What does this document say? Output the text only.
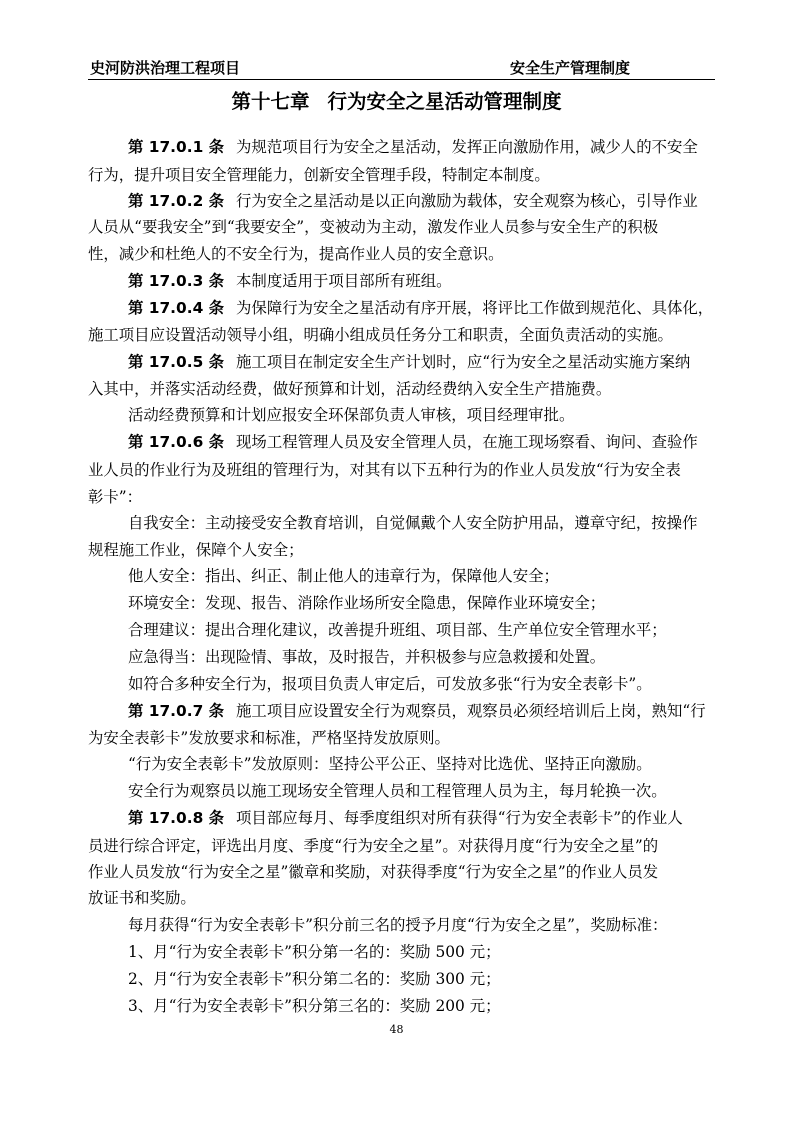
史河防洪治理工程项目	安全生产管理制度
第十七章 行为安全之星活动管理制度
第 17.0.1 条 为规范项目行为安全之星活动，发挥正向激励作用，减少人的不安全
行为，提升项目安全管理能力，创新安全管理手段，特制定本制度。
第 17.0.2 条 行为安全之星活动是以正向激励为载体，安全观察为核心，引导作业
人员从“要我安全”到“我要安全”，变被动为主动，激发作业人员参与安全生产的积极
性，减少和杜绝人的不安全行为，提高作业人员的安全意识。
第 17.0.3 条 本制度适用于项目部所有班组。
第 17.0.4 条 为保障行为安全之星活动有序开展，将评比工作做到规范化、具体化，
施工项目应设置活动领导小组，明确小组成员任务分工和职责，全面负责活动的实施。
第 17.0.5 条 施工项目在制定安全生产计划时，应“行为安全之星活动实施方案纳
入其中，并落实活动经费，做好预算和计划，活动经费纳入安全生产措施费。
活动经费预算和计划应报安全环保部负责人审核，项目经理审批。
第 17.0.6 条 现场工程管理人员及安全管理人员，在施工现场察看、询问、查验作
业人员的作业行为及班组的管理行为，对其有以下五种行为的作业人员发放“行为安全表
彰卡”：
自我安全：主动接受安全教育培训，自觉佩戴个人安全防护用品，遵章守纪，按操作
规程施工作业，保障个人安全；
他人安全：指出、纠正、制止他人的违章行为，保障他人安全；
环境安全：发现、报告、消除作业场所安全隐患，保障作业环境安全；
合理建议：提出合理化建议，改善提升班组、项目部、生产单位安全管理水平；
应急得当：出现险情、事故，及时报告，并积极参与应急救援和处置。
如符合多种安全行为，报项目负责人审定后，可发放多张“行为安全表彰卡”。
第 17.0.7 条 施工项目应设置安全行为观察员，观察员必须经培训后上岗，熟知“行
为安全表彰卡”发放要求和标准，严格坚持发放原则。
“行为安全表彰卡”发放原则：坚持公平公正、坚持对比选优、坚持正向激励。
安全行为观察员以施工现场安全管理人员和工程管理人员为主，每月轮换一次。
第 17.0.8 条 项目部应每月、每季度组织对所有获得“行为安全表彰卡”的作业人
员进行综合评定，评选出月度、季度“行为安全之星”。对获得月度“行为安全之星”的
作业人员发放“行为安全之星”徽章和奖励，对获得季度“行为安全之星”的作业人员发
放证书和奖励。
每月获得“行为安全表彰卡”积分前三名的授予月度“行为安全之星”，奖励标准：
1、月“行为安全表彰卡”积分第一名的：奖励 500 元；
2、月“行为安全表彰卡”积分第二名的：奖励 300 元；
3、月“行为安全表彰卡”积分第三名的：奖励 200 元；
48
